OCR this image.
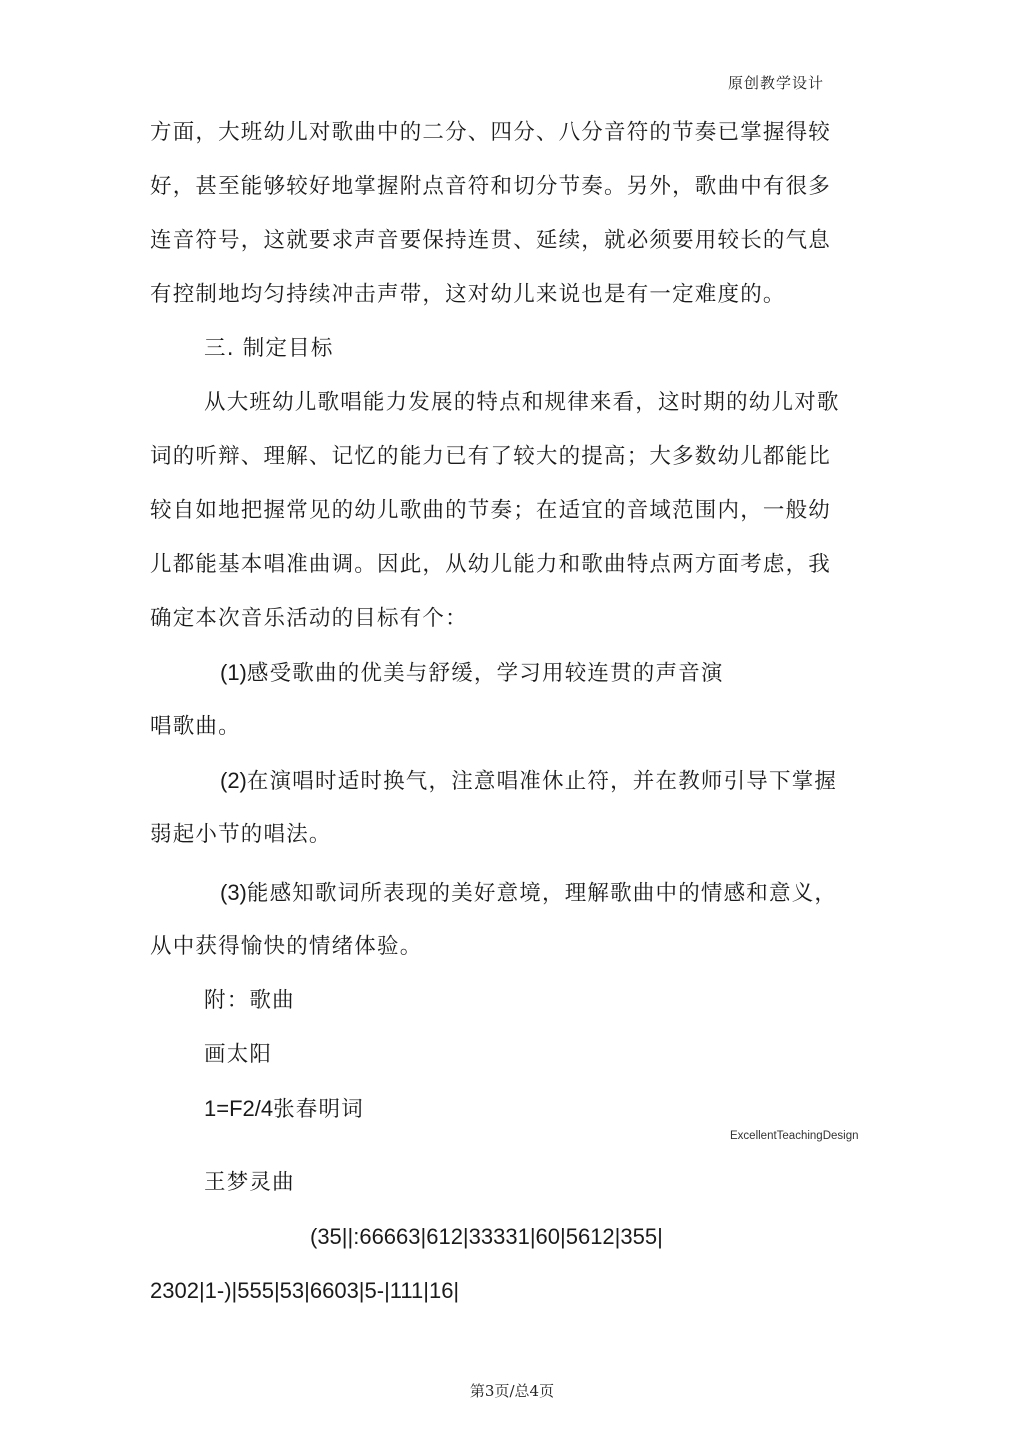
原创教学设计
方面，大班幼儿对歌曲中的二分、四分、八分音符的节奏已掌握得较
好，甚至能够较好地掌握附点音符和切分节奏。另外，歌曲中有很多
连音符号，这就要求声音要保持连贯、延续，就必须要用较长的气息
有控制地均匀持续冲击声带，这对幼儿来说也是有一定难度的。
三. 制定目标
从大班幼儿歌唱能力发展的特点和规律来看，这时期的幼儿对歌
词的听辩、理解、记忆的能力已有了较大的提高；大多数幼儿都能比
较自如地把握常见的幼儿歌曲的节奏；在适宜的音域范围内，一般幼
儿都能基本唱准曲调。因此，从幼儿能力和歌曲特点两方面考虑，我
确定本次音乐活动的目标有个：
(1)感受歌曲的优美与舒缓，学习用较连贯的声音演
唱歌曲。
(2)在演唱时适时换气，注意唱准休止符，并在教师引导下掌握
弱起小节的唱法。
(3)能感知歌词所表现的美好意境，理解歌曲中的情感和意义，
从中获得愉快的情绪体验。
附：歌曲
画太阳
1=F2/4张春明词
ExcellentTeachingDesign
王梦灵曲
(35||:66663|612|33331|60|5612|355|
2302|1-)|555|53|6603|5-|111|16|
第3页/总4页
